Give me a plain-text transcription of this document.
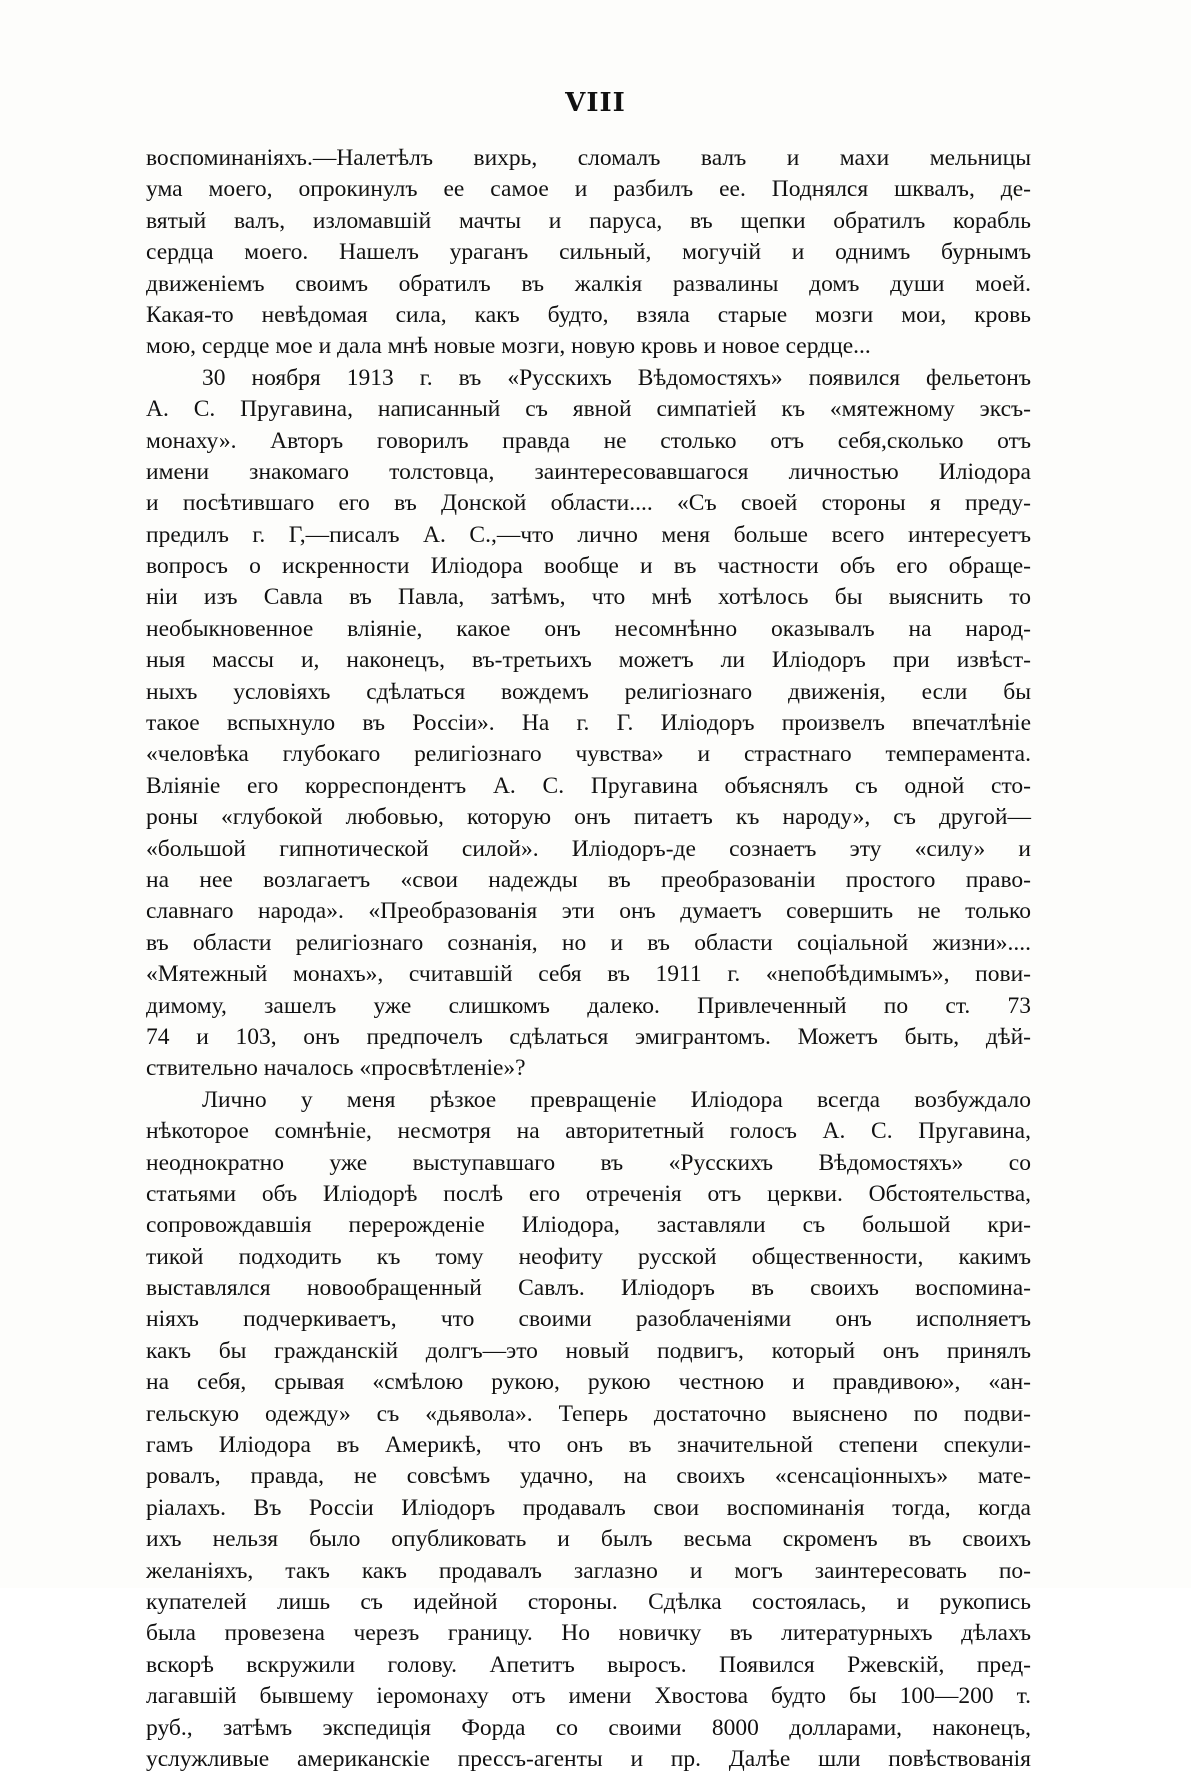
VIII
воспоминаніяхъ.—Налетѣлъ вихрь, сломалъ валъ и махи мельницы
ума моего, опрокинулъ ее самое и разбилъ ее. Поднялся шквалъ, де-
вятый валъ, изломавшій мачты и паруса, въ щепки обратилъ корабль
сердца моего. Нашелъ ураганъ сильный, могучій и однимъ бурнымъ
движеніемъ своимъ обратилъ въ жалкія развалины домъ души моей.
Какая-то невѣдомая сила, какъ будто, взяла старые мозги мои, кровь
мою, сердце мое и дала мнѣ новые мозги, новую кровь и новое сердце...
30 ноября 1913 г. въ «Русскихъ Вѣдомостяхъ» появился фельетонъ
А. С. Пругавина, написанный съ явной симпатіей къ «мятежному эксъ-
монаху». Авторъ говорилъ правда не столько отъ себя,сколько отъ
имени знакомаго толстовца, заинтересовавшагося личностью Иліодора
и посѣтившаго его въ Донской области.... «Съ своей стороны я преду-
предилъ г. Г,—писалъ А. С.,—что лично меня больше всего интересуетъ
вопросъ о искренности Иліодора вообще и въ частности объ его обраще-
ніи изъ Савла въ Павла, затѣмъ, что мнѣ хотѣлось бы выяснить то
необыкновенное вліяніе, какое онъ несомнѣнно оказывалъ на народ-
ныя массы и, наконецъ, въ-третьихъ можетъ ли Иліодоръ при извѣст-
ныхъ условіяхъ сдѣлаться вождемъ религіознаго движенія, если бы
такое вспыхнуло въ Россіи». На г. Г. Иліодоръ произвелъ впечатлѣніе
«человѣка глубокаго религіознаго чувства» и страстнаго темперамента.
Вліяніе его корреспондентъ А. С. Пругавина объяснялъ съ одной сто-
роны «глубокой любовью, которую онъ питаетъ къ народу», съ другой—
«большой гипнотической силой». Иліодоръ-де сознаетъ эту «силу» и
на нее возлагаетъ «свои надежды въ преобразованіи простого право-
славнаго народа». «Преобразованія эти онъ думаетъ совершить не только
въ области религіознаго сознанія, но и въ области соціальной жизни»....
«Мятежный монахъ», считавшій себя въ 1911 г. «непобѣдимымъ», пови-
димому, зашелъ уже слишкомъ далеко. Привлеченный по ст. 73
74 и 103, онъ предпочелъ сдѣлаться эмигрантомъ. Можетъ быть, дѣй-
ствительно началось «просвѣтленіе»?
Лично у меня рѣзкое превращеніе Иліодора всегда возбуждало
нѣкоторое сомнѣніе, несмотря на авторитетный голосъ А. С. Пругавина,
неоднократно уже выступавшаго въ «Русскихъ Вѣдомостяхъ» со
статьями объ Иліодорѣ послѣ его отреченія отъ церкви. Обстоятельства,
сопровождавшія перерожденіе Иліодора, заставляли съ большой кри-
тикой подходить къ тому неофиту русской общественности, какимъ
выставлялся новообращенный Савлъ. Иліодоръ въ своихъ воспомина-
ніяхъ подчеркиваетъ, что своими разоблаченіями онъ исполняетъ
какъ бы гражданскій долгъ—это новый подвигъ, который онъ принялъ
на себя, срывая «смѣлою рукою, рукою честною и правдивою», «ан-
гельскую одежду» съ «дьявола». Теперь достаточно выяснено по подви-
гамъ Иліодора въ Америкѣ, что онъ въ значительной степени спекули-
ровалъ, правда, не совсѣмъ удачно, на своихъ «сенсаціонныхъ» мате-
ріалахъ. Въ Россіи Иліодоръ продавалъ свои воспоминанія тогда, когда
ихъ нельзя было опубликовать и былъ весьма скроменъ въ своихъ
желаніяхъ, такъ какъ продавалъ заглазно и могъ заинтересовать по-
купателей лишь съ идейной стороны. Сдѣлка состоялась, и рукопись
была провезена черезъ границу. Но новичку въ литературныхъ дѣлахъ
вскорѣ вскружили голову. Апетитъ выросъ. Появился Ржевскій, пред-
лагавшій бывшему іеромонаху отъ имени Хвостова будто бы 100—200 т.
руб., затѣмъ экспедиція Форда со своими 8000 долларами, наконецъ,
услужливые американскіе прессъ-агенты и пр. Далѣе шли повѣствованія
